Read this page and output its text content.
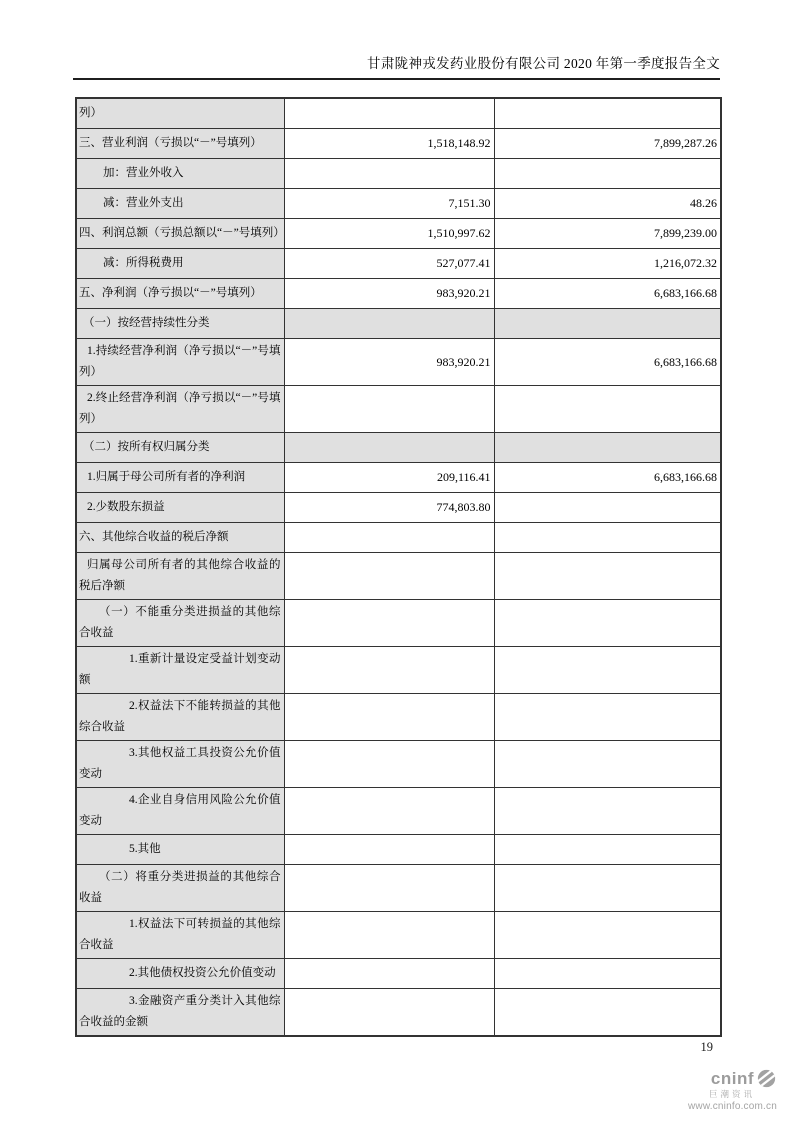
甘肃陇神戎发药业股份有限公司 2020 年第一季度报告全文
列）		
三、营业利润（亏损以“－”号填列）	1,518,148.92	7,899,287.26
加：营业外收入		
减：营业外支出	7,151.30	48.26
四、利润总额（亏损总额以“－”号填列）	1,510,997.62	7,899,239.00
减：所得税费用	527,077.41	1,216,072.32
五、净利润（净亏损以“－”号填列）	983,920.21	6,683,166.68
（一）按经营持续性分类		
1.持续经营净利润（净亏损以“－”号填列）	983,920.21	6,683,166.68
2.终止经营净利润（净亏损以“－”号填列）		
（二）按所有权归属分类		
1.归属于母公司所有者的净利润	209,116.41	6,683,166.68
2.少数股东损益	774,803.80	
六、其他综合收益的税后净额		
归属母公司所有者的其他综合收益的税后净额		
（一）不能重分类进损益的其他综合收益		
1.重新计量设定受益计划变动额		
2.权益法下不能转损益的其他综合收益		
3.其他权益工具投资公允价值变动		
4.企业自身信用风险公允价值变动		
5.其他		
（二）将重分类进损益的其他综合收益		
1.权益法下可转损益的其他综合收益		
2.其他债权投资公允价值变动		
3.金融资产重分类计入其他综合收益的金额		
19
cninf
巨潮资讯
www.cninfo.com.cn
